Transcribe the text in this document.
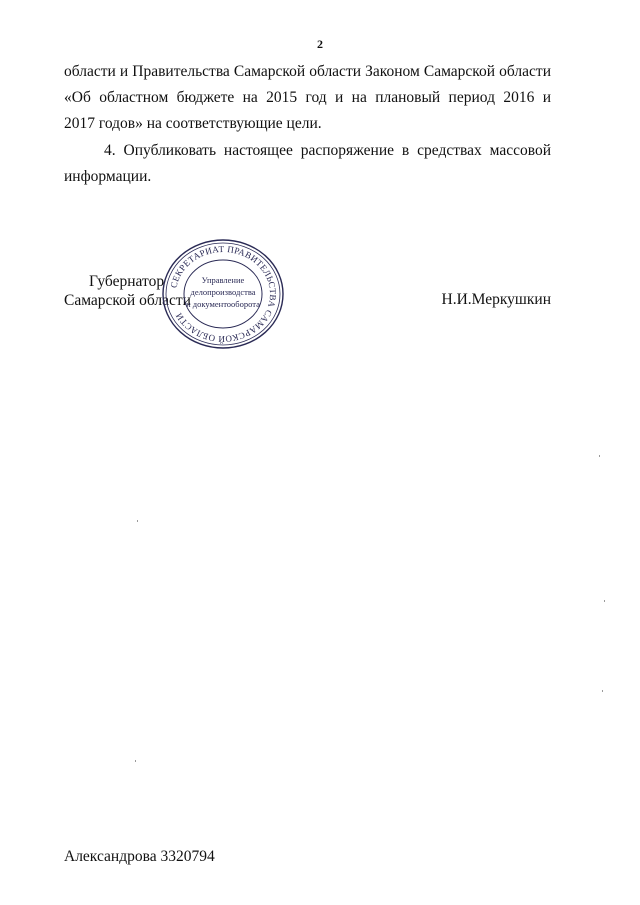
2
области и Правительства Самарской области Законом Самарской области
«Об областном бюджете на 2015 год и на плановый период 2016 и
2017 годов» на соответствующие цели.
4. Опубликовать настоящее распоряжение в средствах массовой
информации.
Губернатор
Самарской области	Н.И.Меркушкин
СЕКРЕТАРИАТ ПРАВИТЕЛЬСТВА САМАРСКОЙ ОБЛАСТИ
Управление
делопроизводства
и документооборота
Александрова 3320794
